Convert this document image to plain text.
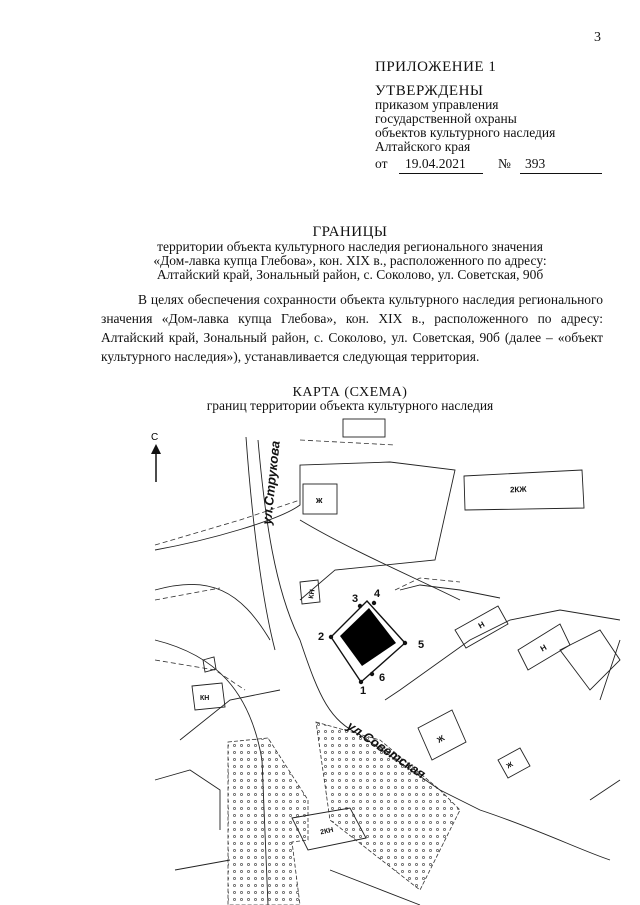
3
ПРИЛОЖЕНИЕ 1
УТВЕРЖДЕНЫ
приказом управления
государственной охраны
объектов культурного наследия
Алтайского края
от 19.04.2021 № 393
ГРАНИЦЫ
территории объекта культурного наследия регионального значения
«Дом-лавка купца Глебова», кон. XIX в., расположенного по адресу:
Алтайский край, Зональный район, с. Соколово, ул. Советская, 90б
В целях обеспечения сохранности объекта культурного наследия регионального значения «Дом-лавка купца Глебова», кон. XIX в., расположенного по адресу: Алтайский край, Зональный район, с. Соколово, ул. Советская, 90б (далее – «объект культурного наследия»), устанавливается следующая территория.
КАРТА (СХЕМА)
границ территории объекта культурного наследия
С
1
2
3 4
5
6
ул.Струкова
ул.Советская
ж
2КЖ
КН
КН
Н
Н
Ж
Ж
2КН
